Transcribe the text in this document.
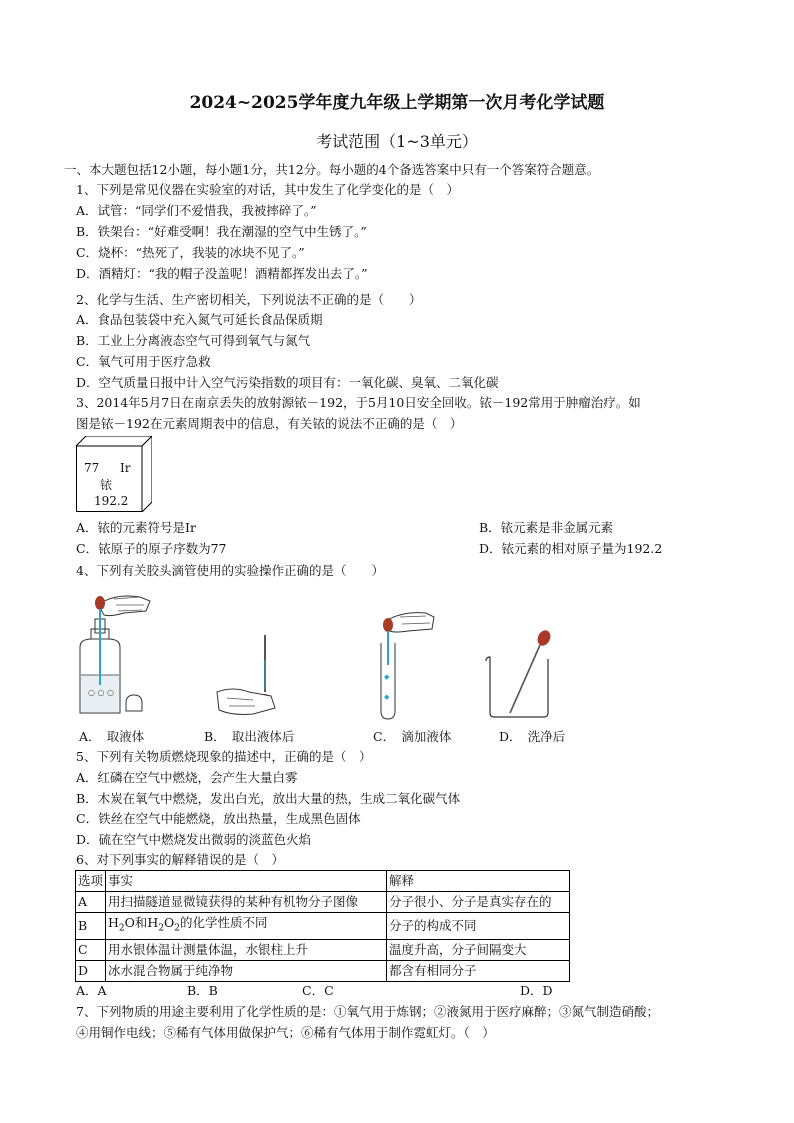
2024~2025学年度九年级上学期第一次月考化学试题
考试范围（1~3单元）
一、本大题包括12小题，每小题1分，共12分。每小题的4个备选答案中只有一个答案符合题意。
1、下列是常见仪器在实验室的对话，其中发生了化学变化的是（　）
A．试管：“同学们不爱惜我，我被摔碎了。”
B．铁架台：“好难受啊！我在潮湿的空气中生锈了。”
C．烧杯：“热死了，我装的冰块不见了。”
D．酒精灯：“我的帽子没盖呢！酒精都挥发出去了。”
2、化学与生活、生产密切相关，下列说法不正确的是（　　）
A．食品包装袋中充入氮气可延长食品保质期
B．工业上分离液态空气可得到氧气与氮气
C．氧气可用于医疗急救
D．空气质量日报中计入空气污染指数的项目有：一氧化碳、臭氧、二氧化碳
3、2014年5月7日在南京丢失的放射源铱－192，于5月10日安全回收。铱－192常用于肿瘤治疗。如
图是铱－192在元素周期表中的信息，有关铱的说法不正确的是（　）
77 Ir
铱
192.2
A．铱的元素符号是Ir	B．铱元素是非金属元素
C．铱原子的原子序数为77	D．铱元素的相对原子量为192.2
4、下列有关胶头滴管使用的实验操作正确的是（　　）
○ ○ ○
◆
◆
A．　取液体	B．　取出液体后	C．　滴加液体	D．　洗净后
5、下列有关物质燃烧现象的描述中，正确的是（　）
A．红磷在空气中燃烧，会产生大量白雾
B．木炭在氧气中燃烧，发出白光，放出大量的热，生成二氧化碳气体
C．铁丝在空气中能燃烧，放出热量，生成黑色固体
D．硫在空气中燃烧发出微弱的淡蓝色火焰
6、对下列事实的解释错误的是（　）
选项	事实	解释
A	用扫描隧道显微镜获得的某种有机物分子图像	分子很小、分子是真实存在的
B	$H_2O$和$H_2O_2$的化学性质不同	分子的构成不同
C	用水银体温计测量体温，水银柱上升	温度升高，分子间隔变大
D	冰水混合物属于纯净物	都含有相同分子
A．A	B．B	C．C	D．D
7、下列物质的用途主要利用了化学性质的是：①氧气用于炼钢；②液氮用于医疗麻醉；③氮气制造硝酸；
④用铜作电线；⑤稀有气体用做保护气；⑥稀有气体用于制作霓虹灯。（　）
